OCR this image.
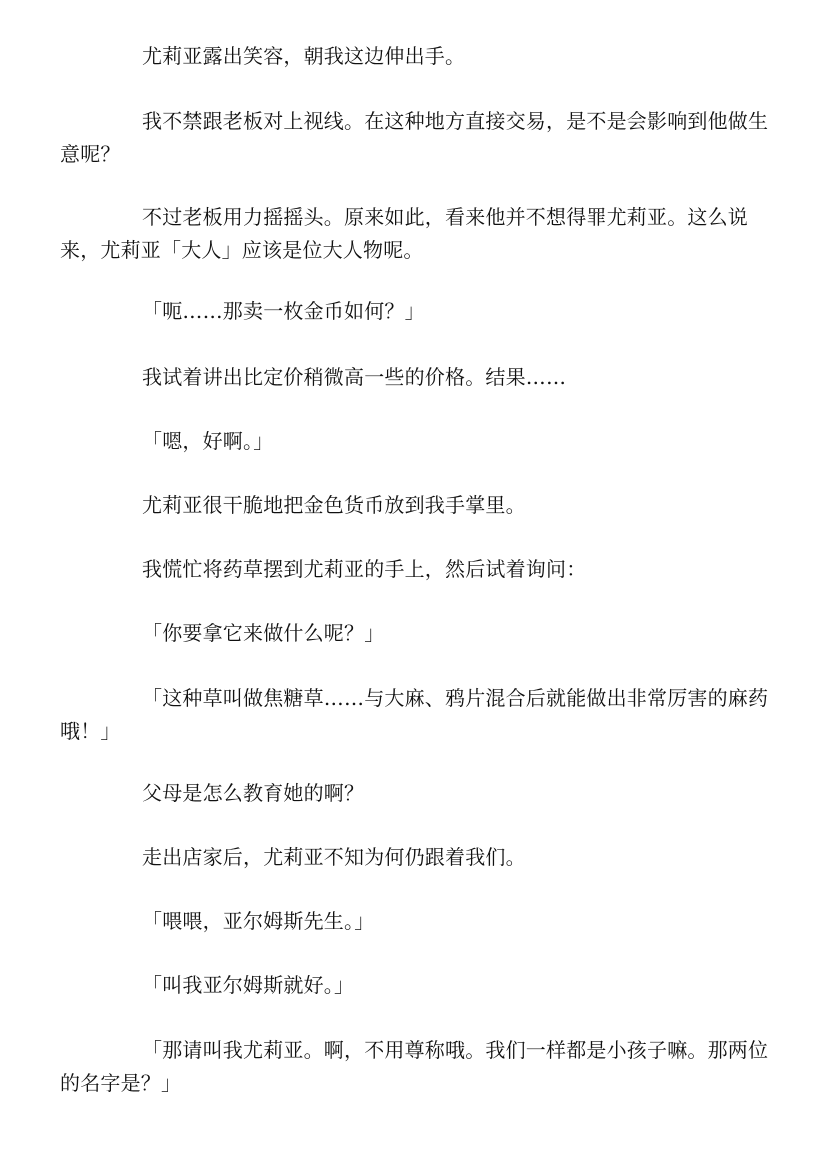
尤莉亚露出笑容，朝我这边伸出手。

我不禁跟老板对上视线。在这种地方直接交易，是不是会影响到他做生意呢？

不过老板用力摇摇头。原来如此，看来他并不想得罪尤莉亚。这么说来，尤莉亚「大人」应该是位大人物呢。

「呃……那卖一枚金币如何？」

我试着讲出比定价稍微高一些的价格。结果……

「嗯，好啊。」

尤莉亚很干脆地把金色货币放到我手掌里。

我慌忙将药草摆到尤莉亚的手上，然后试着询问：

「你要拿它来做什么呢？」

「这种草叫做焦糖草……与大麻、鸦片混合后就能做出非常厉害的麻药哦！」

父母是怎么教育她的啊？

走出店家后，尤莉亚不知为何仍跟着我们。

「喂喂，亚尔姆斯先生。」

「叫我亚尔姆斯就好。」

「那请叫我尤莉亚。啊，不用尊称哦。我们一样都是小孩子嘛。那两位的名字是？」
